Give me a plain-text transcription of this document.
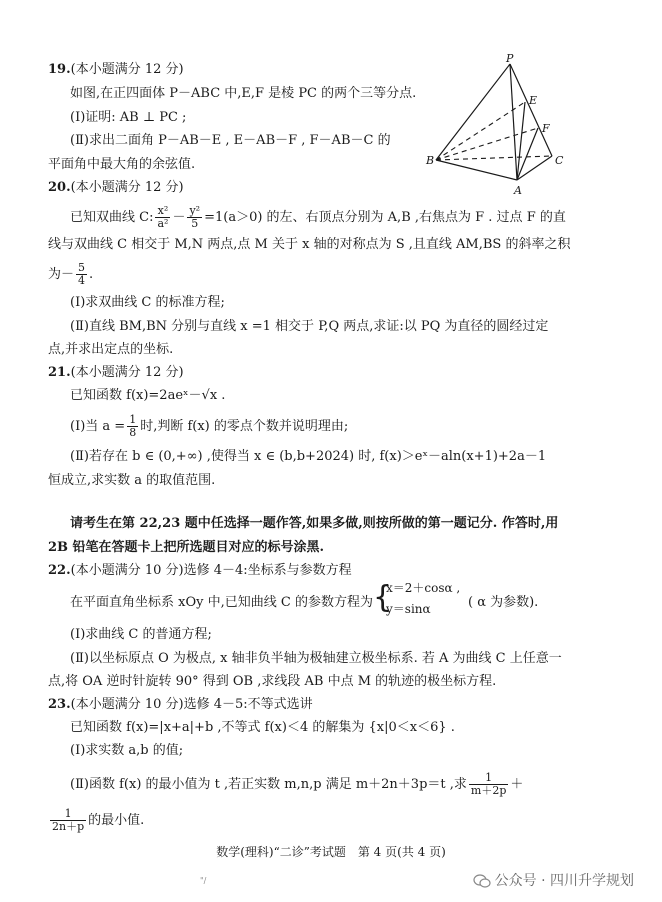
19.(本小题满分 12 分)
如图,在正四面体 P－ABC 中,E,F 是棱 PC 的两个三等分点.
(Ⅰ)证明: AB ⊥ PC ;
(Ⅱ)求出二面角 P－AB－E , E－AB－F , F－AB－C 的
平面角中最大角的余弦值.
P
E
F
B	C
A
20.(本小题满分 12 分)
已知双曲线 C: $\frac{\text{x²}}{\text{a²}} - \frac{\text{y²}}{5} =1(a>0)$ 的左、右顶点分别为 A,B ,右焦点为 F . 过点 F 的直
线与双曲线 C 相交于 M,N 两点,点 M 关于 x 轴的对称点为 S ,且直线 AM,BS 的斜率之积
为－ $\frac{5}{4}$ .
(Ⅰ)求双曲线 C 的标准方程;
(Ⅱ)直线 BM,BN 分别与直线 x =1 相交于 P,Q 两点,求证:以 PQ 为直径的圆经过定
点,并求出定点的坐标.
21.(本小题满分 12 分)
已知函数 f(x)=2aeˣ－√x .
(Ⅰ)当 $a = \frac{1}{8}$ 时,判断 f(x) 的零点个数并说明理由;
(Ⅱ)若存在 b ∈ (0,+∞) ,使得当 x ∈ (b,b+2024) 时, f(x)＞eˣ－aln(x+1)+2a－1
恒成立,求实数 a 的取值范围.
请考生在第 22,23 题中任选择一题作答,如果多做,则按所做的第一题记分. 作答时,用
2B 铅笔在答题卡上把所选题目对应的标号涂黑.
22.(本小题满分 10 分)选修 4－4:坐标系与参数方程
在平面直角坐标系 xOy 中,已知曲线 C 的参数方程为 {
x＝2＋cosα ,
y＝sinα	( α 为参数).
(Ⅰ)求曲线 C 的普通方程;
(Ⅱ)以坐标原点 O 为极点, x 轴非负半轴为极轴建立极坐标系. 若 A 为曲线 C 上任意一
点,将 OA 逆时针旋转 90° 得到 OB ,求线段 AB 中点 M 的轨迹的极坐标方程.
23.(本小题满分 10 分)选修 4－5:不等式选讲
已知函数 f(x)=|x+a|+b ,不等式 f(x)＜4 的解集为 {x|0＜x＜6} .
(Ⅰ)求实数 a,b 的值;
(Ⅱ)函数 f(x) 的最小值为 t ,若正实数 m,n,p 满足 m＋2n＋3p＝t ,求 $\frac{1}{m+2p}$ ＋
$\frac{1}{2n+p}$ 的最小值.
数学(理科)“二诊”考试题　第 4 页(共 4 页)
"/	公众号 · 四川升学规划
